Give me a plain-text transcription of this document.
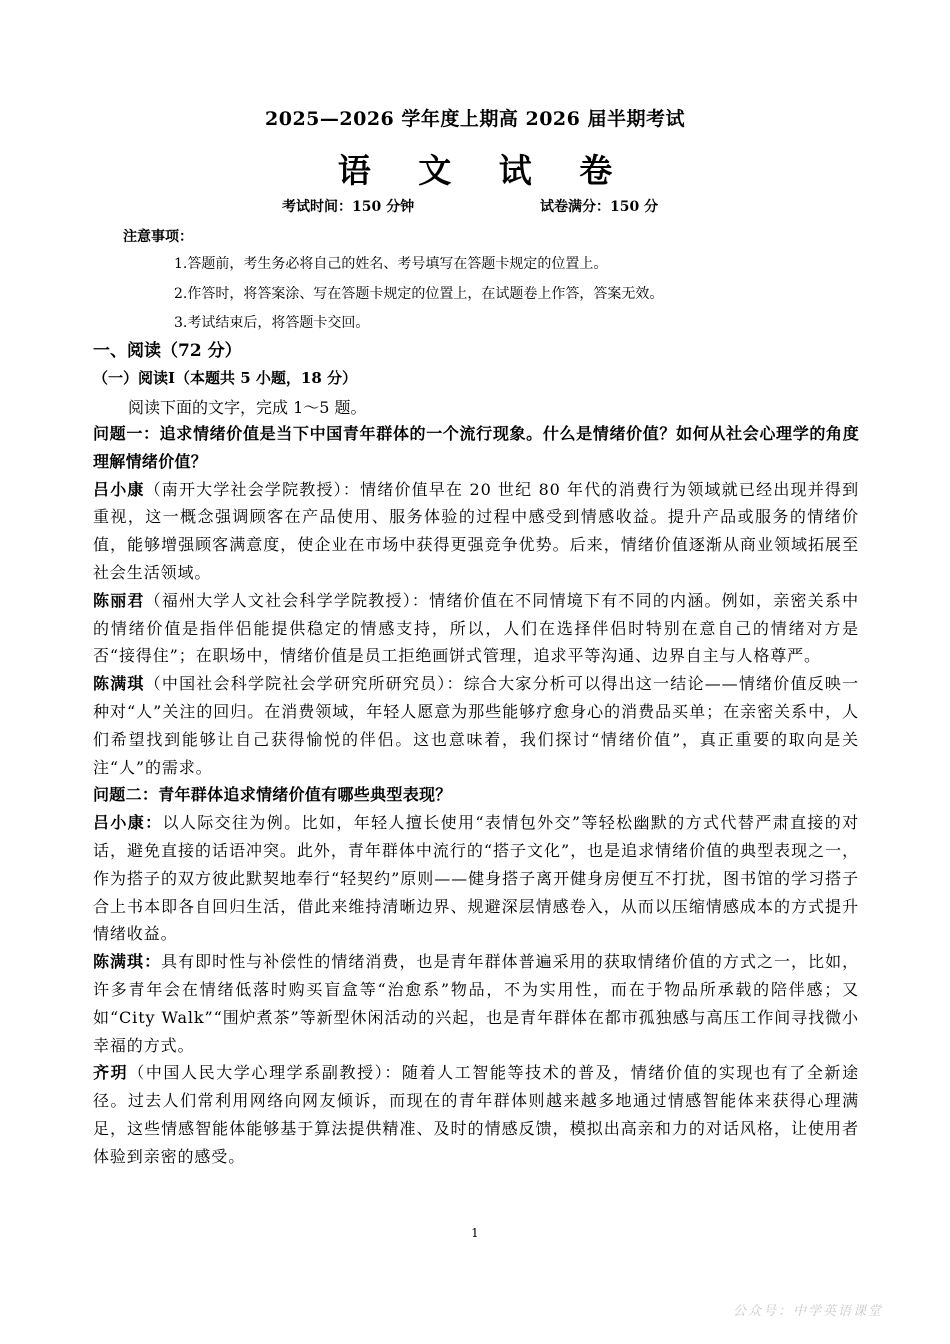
2025—2026 学年度上期高 2026 届半期考试
语 文 试 卷
考试时间：150 分钟	试卷满分：150 分
注意事项：
1.答题前，考生务必将自己的姓名、考号填写在答题卡规定的位置上。
2.作答时，将答案涂、写在答题卡规定的位置上，在试题卷上作答，答案无效。
3.考试结束后，将答题卡交回。
一、阅读（72 分）
（一）阅读Ⅰ（本题共 5 小题，18 分）
阅读下面的文字，完成 1～5 题。

问题一：追求情绪价值是当下中国青年群体的一个流行现象。什么是情绪价值？如何从社会心理学的角度理解情绪价值？

吕小康（南开大学社会学院教授）：情绪价值早在 20 世纪 80 年代的消费行为领域就已经出现并得到重视，这一概念强调顾客在产品使用、服务体验的过程中感受到情感收益。提升产品或服务的情绪价值，能够增强顾客满意度，使企业在市场中获得更强竞争优势。后来，情绪价值逐渐从商业领域拓展至社会生活领域。

陈丽君（福州大学人文社会科学学院教授）：情绪价值在不同情境下有不同的内涵。例如，亲密关系中的情绪价值是指伴侣能提供稳定的情感支持，所以，人们在选择伴侣时特别在意自己的情绪对方是否“接得住”；在职场中，情绪价值是员工拒绝画饼式管理，追求平等沟通、边界自主与人格尊严。

陈满琪（中国社会科学院社会学研究所研究员）：综合大家分析可以得出这一结论——情绪价值反映一种对“人”关注的回归。在消费领域，年轻人愿意为那些能够疗愈身心的消费品买单；在亲密关系中，人们希望找到能够让自己获得愉悦的伴侣。这也意味着，我们探讨“情绪价值”，真正重要的取向是关注“人”的需求。

问题二：青年群体追求情绪价值有哪些典型表现？

吕小康：以人际交往为例。比如，年轻人擅长使用“表情包外交”等轻松幽默的方式代替严肃直接的对话，避免直接的话语冲突。此外，青年群体中流行的“搭子文化”，也是追求情绪价值的典型表现之一，作为搭子的双方彼此默契地奉行“轻契约”原则——健身搭子离开健身房便互不打扰，图书馆的学习搭子合上书本即各自回归生活，借此来维持清晰边界、规避深层情感卷入，从而以压缩情感成本的方式提升情绪收益。

陈满琪：具有即时性与补偿性的情绪消费，也是青年群体普遍采用的获取情绪价值的方式之一，比如，许多青年会在情绪低落时购买盲盒等“治愈系”物品，不为实用性，而在于物品所承载的陪伴感；又如“City Walk”“围炉煮茶”等新型休闲活动的兴起，也是青年群体在都市孤独感与高压工作间寻找微小幸福的方式。

齐玥（中国人民大学心理学系副教授）：随着人工智能等技术的普及，情绪价值的实现也有了全新途径。过去人们常利用网络向网友倾诉，而现在的青年群体则越来越多地通过情感智能体来获得心理满足，这些情感智能体能够基于算法提供精准、及时的情感反馈，模拟出高亲和力的对话风格，让使用者体验到亲密的感受。

1
公众号：中学英语课堂
